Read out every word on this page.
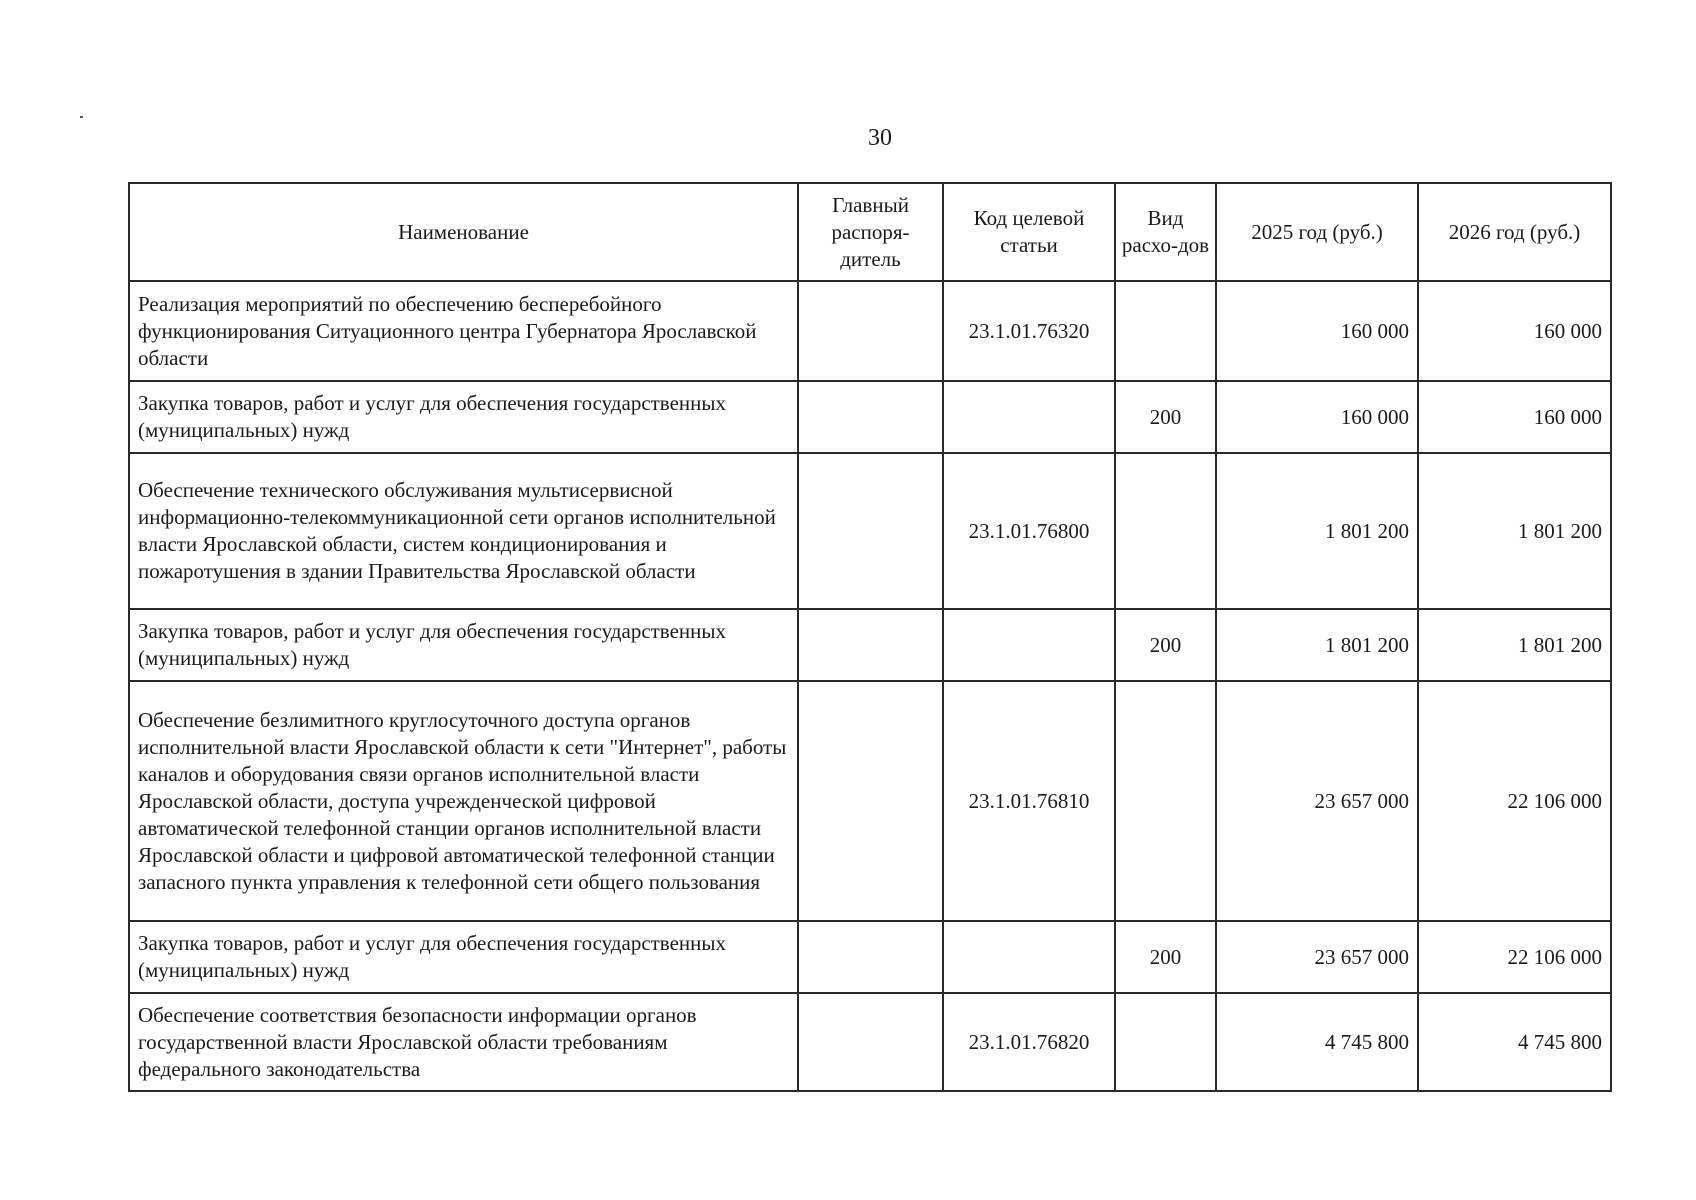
30
Наименование	Главный распоря-дитель	Код целевой статьи	Вид расхо-дов	2025 год (руб.)	2026 год (руб.)
Реализация мероприятий по обеспечению бесперебойного функционирования Ситуационного центра Губернатора Ярославской области		23.1.01.76320		160 000	160 000
Закупка товаров, работ и услуг для обеспечения государственных (муниципальных) нужд			200	160 000	160 000
Обеспечение технического обслуживания мультисервисной информационно-телекоммуникационной сети органов исполнительной власти Ярославской области, систем кондиционирования и пожаротушения в здании Правительства Ярославской области		23.1.01.76800		1 801 200	1 801 200
Закупка товаров, работ и услуг для обеспечения государственных (муниципальных) нужд			200	1 801 200	1 801 200
Обеспечение безлимитного круглосуточного доступа органов исполнительной власти Ярославской области к сети "Интернет", работы каналов и оборудования связи органов исполнительной власти Ярославской области, доступа учрежденческой цифровой автоматической телефонной станции органов исполнительной власти Ярославской области и цифровой автоматической телефонной станции запасного пункта управления к телефонной сети общего пользования		23.1.01.76810		23 657 000	22 106 000
Закупка товаров, работ и услуг для обеспечения государственных (муниципальных) нужд			200	23 657 000	22 106 000
Обеспечение соответствия безопасности информации органов государственной власти Ярославской области требованиям федерального законодательства		23.1.01.76820		4 745 800	4 745 800
